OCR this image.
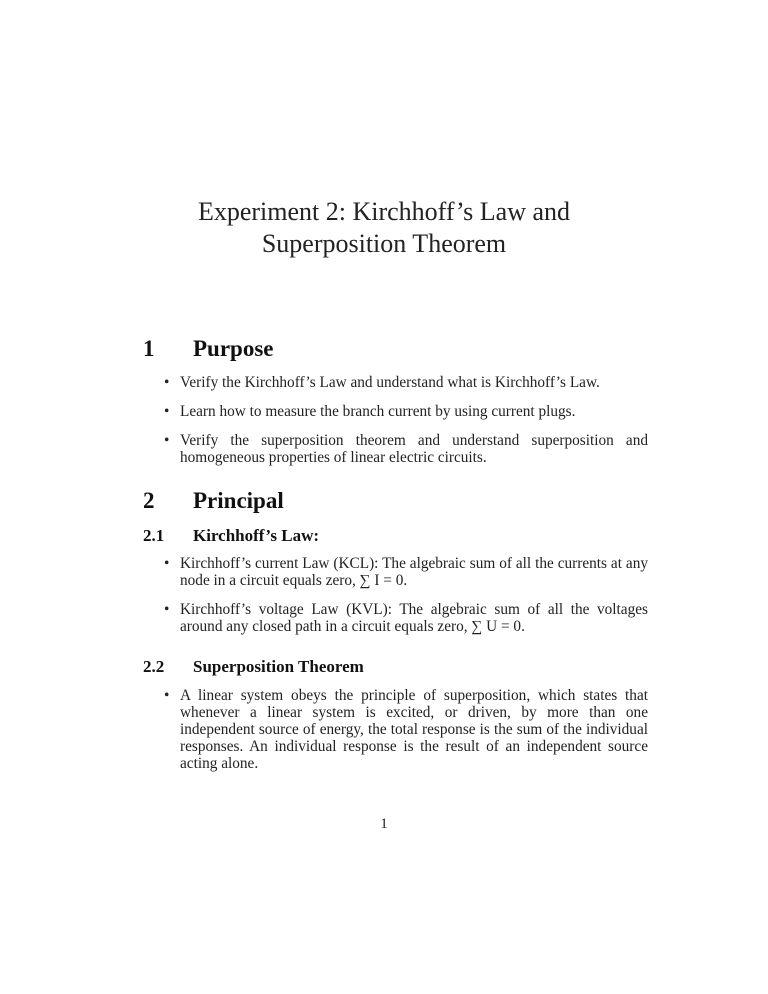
Experiment 2: Kirchhoff’s Law and
Superposition Theorem
1 Purpose
• Verify the Kirchhoff’s Law and understand what is Kirchhoff’s Law.
• Learn how to measure the branch current by using current plugs.
• Verify the superposition theorem and understand superposition and homogeneous properties of linear electric circuits.
2 Principal
2.1 Kirchhoff’s Law:
• Kirchhoff’s current Law (KCL): The algebraic sum of all the currents at any node in a circuit equals zero, ∑ I = 0.
• Kirchhoff’s voltage Law (KVL): The algebraic sum of all the voltages around any closed path in a circuit equals zero, ∑ U = 0.
2.2 Superposition Theorem
• A linear system obeys the principle of superposition, which states that whenever a linear system is excited, or driven, by more than one independent source of energy, the total response is the sum of the individual responses. An individual response is the result of an independent source acting alone.
1
